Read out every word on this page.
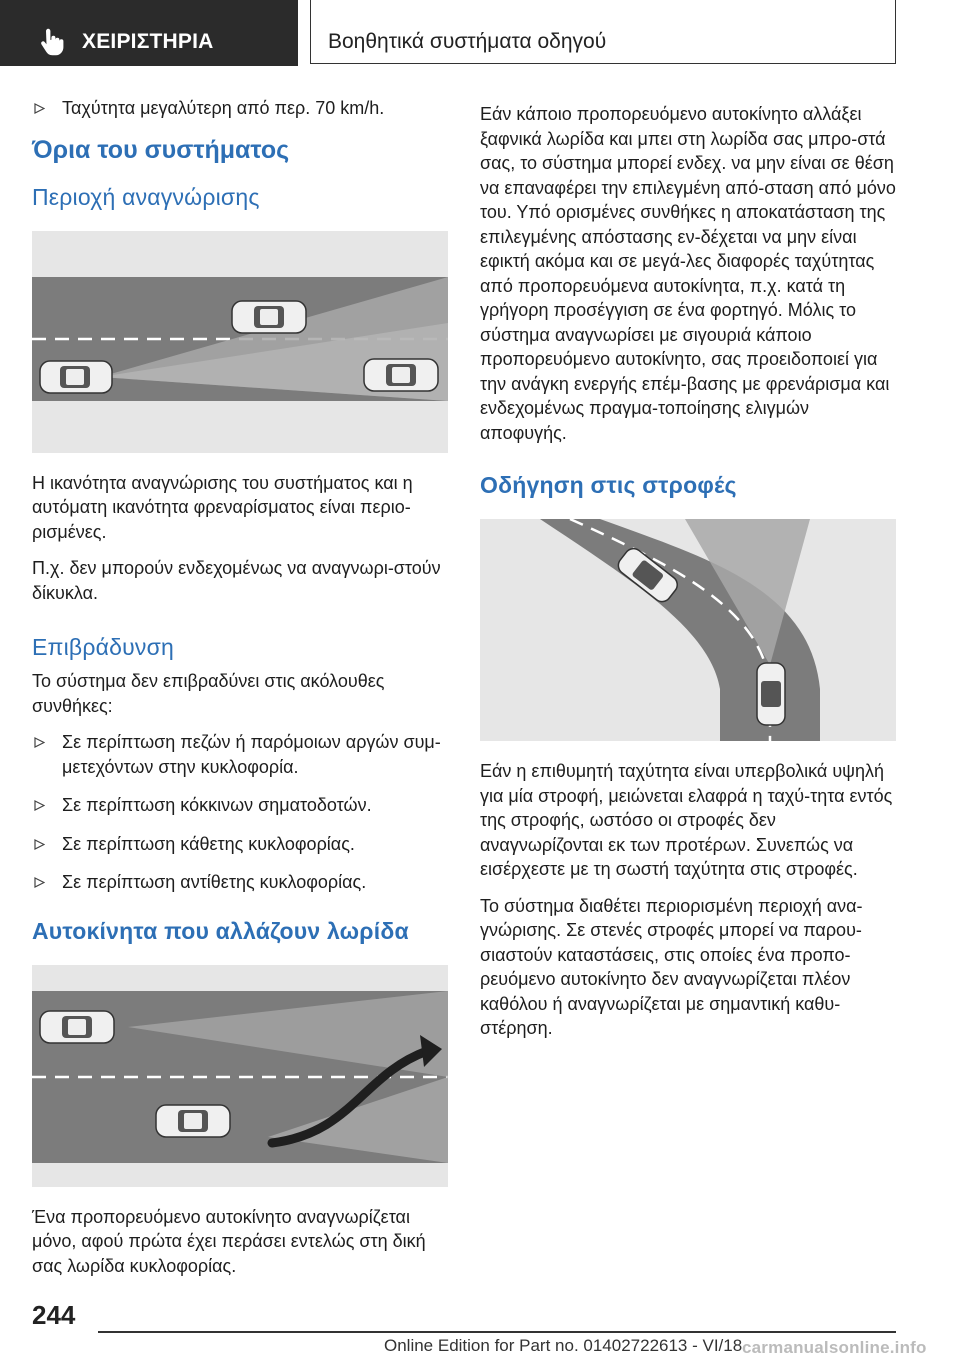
ΧΕΙΡΙΣΤΗΡΙΑ	Βοηθητικά συστήματα οδηγού
Ταχύτητα μεγαλύτερη από περ. 70 km/h.
Όρια του συστήματος
Περιοχή αναγνώρισης

Η ικανότητα αναγνώρισης του συστήματος και η αυτόματη ικανότητα φρεναρίσματος είναι περιο-ρισμένες.

Π.χ. δεν μπορούν ενδεχομένως να αναγνωρι-στούν δίκυκλα.

Επιβράδυνση

Το σύστημα δεν επιβραδύνει στις ακόλουθες συνθήκες:

Σε περίπτωση πεζών ή παρόμοιων αργών συμ-μετεχόντων στην κυκλοφορία.
Σε περίπτωση κόκκινων σηματοδοτών.
Σε περίπτωση κάθετης κυκλοφορίας.
Σε περίπτωση αντίθετης κυκλοφορίας.
Αυτοκίνητα που αλλάζουν λωρίδα

Ένα προπορευόμενο αυτοκίνητο αναγνωρίζεται μόνο, αφού πρώτα έχει περάσει εντελώς στη δική σας λωρίδα κυκλοφορίας.

Εάν κάποιο προπορευόμενο αυτοκίνητο αλλάξει ξαφνικά λωρίδα και μπει στη λωρίδα σας μπρο-στά σας, το σύστημα μπορεί ενδεχ. να μην είναι σε θέση να επαναφέρει την επιλεγμένη από-σταση από μόνο του. Υπό ορισμένες συνθήκες η αποκατάσταση της επιλεγμένης απόστασης εν-δέχεται να μην είναι εφικτή ακόμα και σε μεγά-λες διαφορές ταχύτητας από προπορευόμενα αυτοκίνητα, π.χ. κατά τη γρήγορη προσέγγιση σε ένα φορτηγό. Μόλις το σύστημα αναγνωρίσει με σιγουριά κάποιο προπορευόμενο αυτοκίνητο, σας προειδοποιεί για την ανάγκη ενεργής επέμ-βασης με φρενάρισμα και ενδεχομένως πραγμα-τοποίησης ελιγμών αποφυγής.

Οδήγηση στις στροφές

Εάν η επιθυμητή ταχύτητα είναι υπερβολικά υψηλή για μία στροφή, μειώνεται ελαφρά η ταχύ-τητα εντός της στροφής, ωστόσο οι στροφές δεν αναγνωρίζονται εκ των προτέρων. Συνεπώς να εισέρχεστε με τη σωστή ταχύτητα στις στροφές.

Το σύστημα διαθέτει περιορισμένη περιοχή ανα-γνώρισης. Σε στενές στροφές μπορεί να παρου-σιαστούν καταστάσεις, στις οποίες ένα προπο-ρευόμενο αυτοκίνητο δεν αναγνωρίζεται πλέον καθόλου ή αναγνωρίζεται με σημαντική καθυ-στέρηση.

244
Online Edition for Part no. 01402722613 - VI/18 carmanualsonline.info
